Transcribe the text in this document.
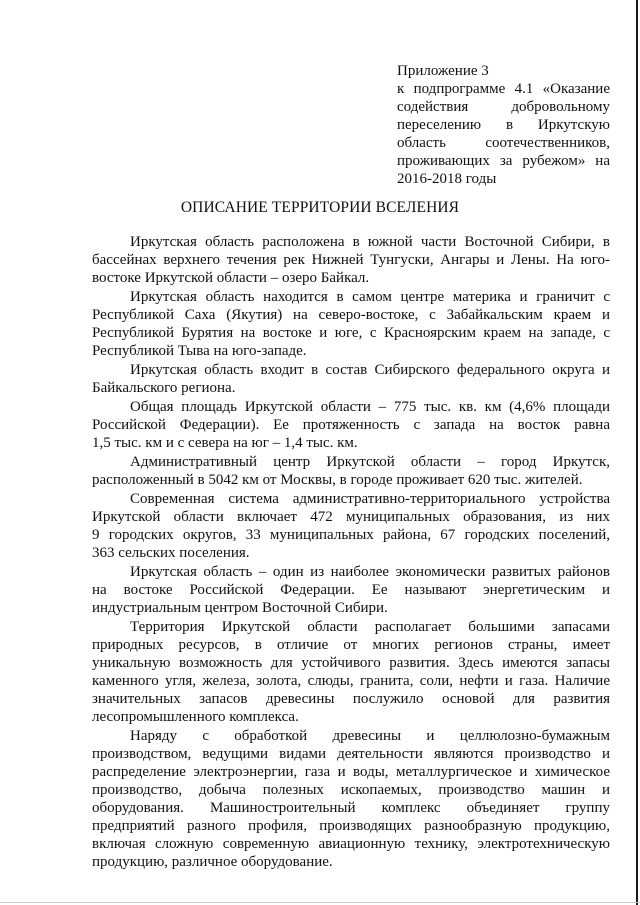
Приложение 3
к подпрограмме 4.1 «Оказание
содействия добровольному
переселению в Иркутскую
область соотечественников,
проживающих за рубежом» на
2016-2018 годы
ОПИСАНИЕ ТЕРРИТОРИИ ВСЕЛЕНИЯ
Иркутская область расположена в южной части Восточной Сибири, в
бассейнах верхнего течения рек Нижней Тунгуски, Ангары и Лены. На юго-
востоке Иркутской области – озеро Байкал.
Иркутская область находится в самом центре материка и граничит с
Республикой Саха (Якутия) на северо-востоке, с Забайкальским краем и
Республикой Бурятия на востоке и юге, с Красноярским краем на западе, с
Республикой Тыва на юго-западе.
Иркутская область входит в состав Сибирского федерального округа и
Байкальского региона.
Общая площадь Иркутской области – 775 тыс. кв. км (4,6% площади
Российской Федерации). Ее протяженность с запада на восток равна
1,5 тыс. км и с севера на юг – 1,4 тыс. км.
Административный центр Иркутской области – город Иркутск,
расположенный в 5042 км от Москвы, в городе проживает 620 тыс. жителей.
Современная система административно-территориального устройства
Иркутской области включает 472 муниципальных образования, из них
9 городских округов, 33 муниципальных района, 67 городских поселений,
363 сельских поселения.
Иркутская область – один из наиболее экономически развитых районов
на востоке Российской Федерации. Ее называют энергетическим и
индустриальным центром Восточной Сибири.
Территория Иркутской области располагает большими запасами
природных ресурсов, в отличие от многих регионов страны, имеет
уникальную возможность для устойчивого развития. Здесь имеются запасы
каменного угля, железа, золота, слюды, гранита, соли, нефти и газа. Наличие
значительных запасов древесины послужило основой для развития
лесопромышленного комплекса.
Наряду с обработкой древесины и целлюлозно-бумажным
производством, ведущими видами деятельности являются производство и
распределение электроэнергии, газа и воды, металлургическое и химическое
производство, добыча полезных ископаемых, производство машин и
оборудования. Машиностроительный комплекс объединяет группу
предприятий разного профиля, производящих разнообразную продукцию,
включая сложную современную авиационную технику, электротехническую
продукцию, различное оборудование.
